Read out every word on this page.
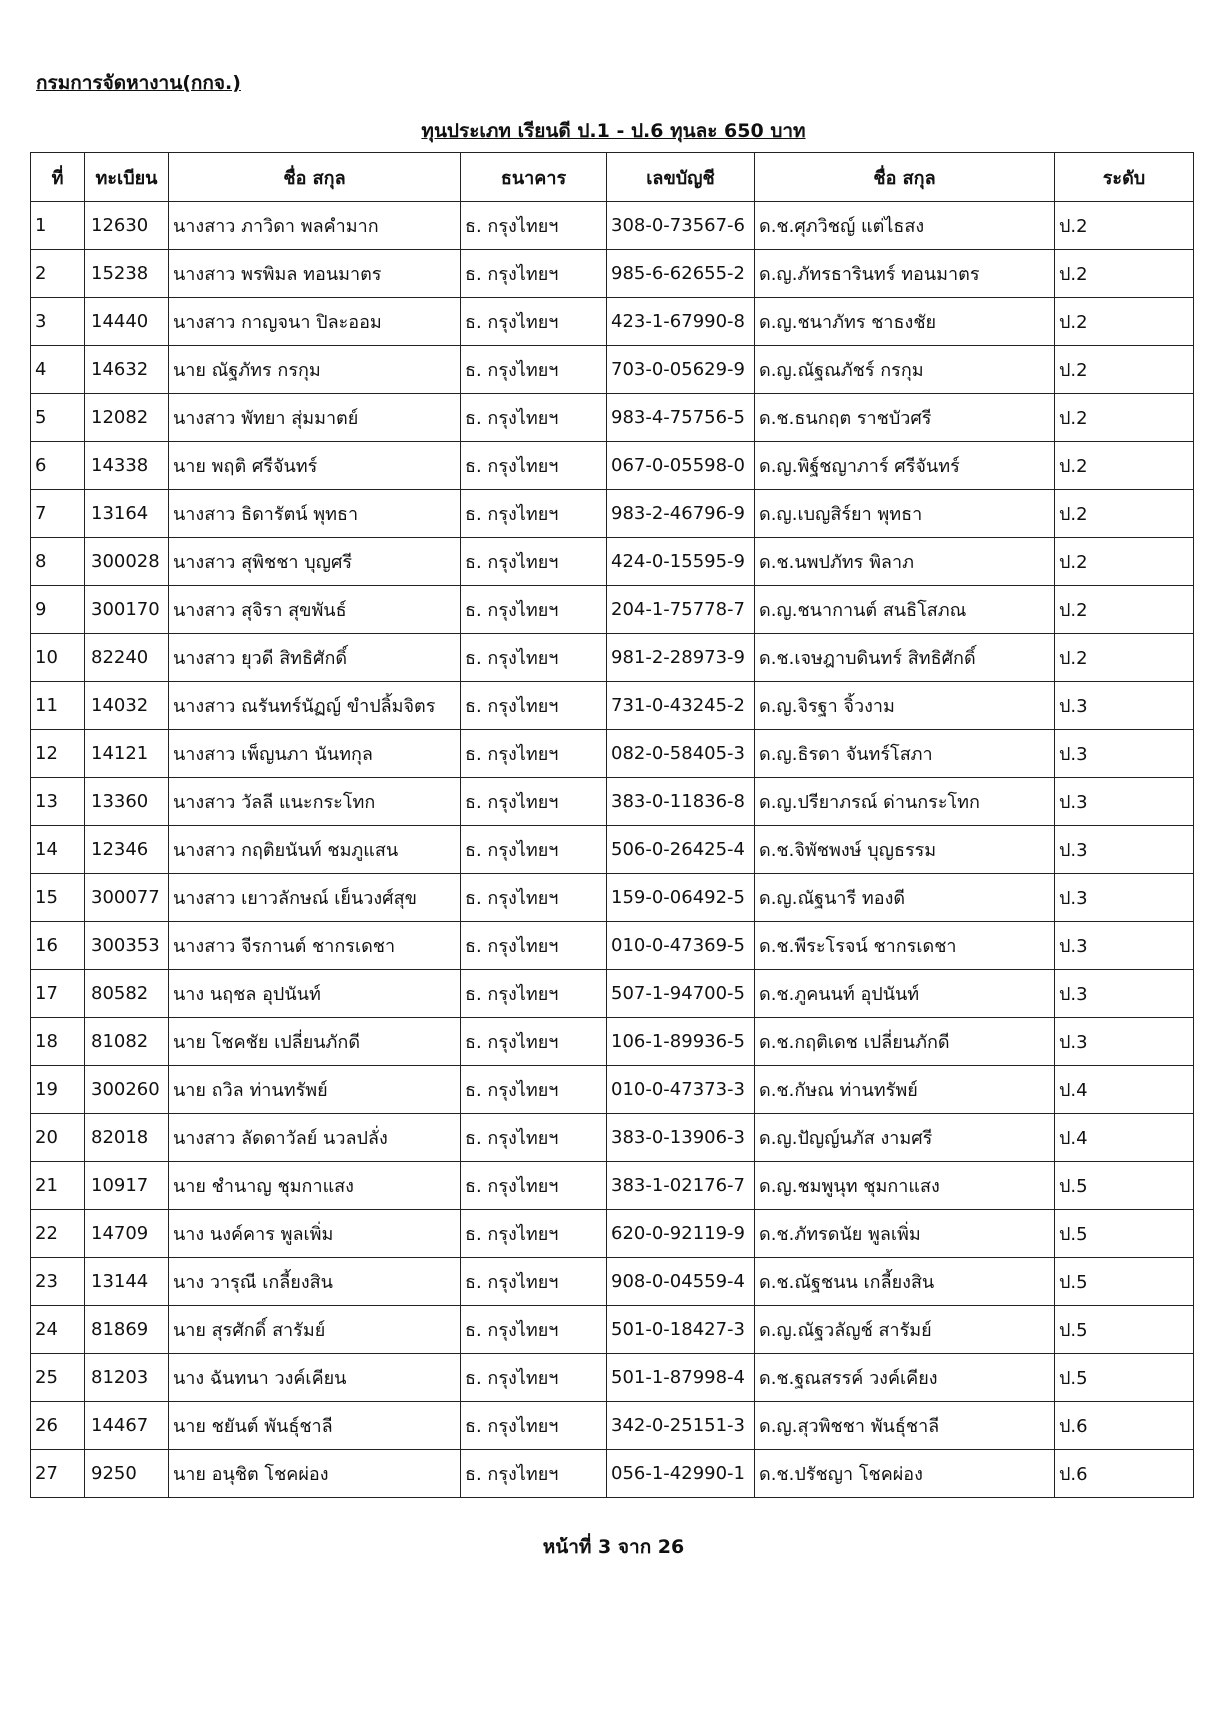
กรมการจัดหางาน(กกจ.)
ทุนประเภท เรียนดี ป.1 - ป.6 ทุนละ 650 บาท
ที่	ทะเบียน	ชื่อ สกุล	ธนาคาร	เลขบัญชี	ชื่อ สกุล	ระดับ
1	12630	นางสาว ภาวิดา พลคำมาก	ธ. กรุงไทยฯ	308-0-73567-6	ด.ช.ศุภวิชญ์ แต่ไธสง	ป.2
2	15238	นางสาว พรพิมล ทอนมาตร	ธ. กรุงไทยฯ	985-6-62655-2	ด.ญ.ภัทรธารินทร์ ทอนมาตร	ป.2
3	14440	นางสาว กาญจนา ปิละออม	ธ. กรุงไทยฯ	423-1-67990-8	ด.ญ.ชนาภัทร ชาธงชัย	ป.2
4	14632	นาย ณัฐภัทร กรกุม	ธ. กรุงไทยฯ	703-0-05629-9	ด.ญ.ณัฐณภัชร์ กรกุม	ป.2
5	12082	นางสาว พัทยา สุ่มมาตย์	ธ. กรุงไทยฯ	983-4-75756-5	ด.ช.ธนกฤต ราชบัวศรี	ป.2
6	14338	นาย พฤติ ศรีจันทร์	ธ. กรุงไทยฯ	067-0-05598-0	ด.ญ.พิฐ์ชญาภาร์ ศรีจันทร์	ป.2
7	13164	นางสาว ธิดารัตน์ พุทธา	ธ. กรุงไทยฯ	983-2-46796-9	ด.ญ.เบญสิร์ยา พุทธา	ป.2
8	300028	นางสาว สุพิชชา บุญศรี	ธ. กรุงไทยฯ	424-0-15595-9	ด.ช.นพปภัทร พิลาภ	ป.2
9	300170	นางสาว สุจิรา สุขพันธ์	ธ. กรุงไทยฯ	204-1-75778-7	ด.ญ.ชนากานต์ สนธิโสภณ	ป.2
10	82240	นางสาว ยุวดี สิทธิศักดิ์	ธ. กรุงไทยฯ	981-2-28973-9	ด.ช.เจษฎาบดินทร์ สิทธิศักดิ์	ป.2
11	14032	นางสาว ณรันทร์นัฏญ์ ขำปลิ้มจิตร	ธ. กรุงไทยฯ	731-0-43245-2	ด.ญ.จิรฐา จิ้วงาม	ป.3
12	14121	นางสาว เพ็ญนภา นันทกุล	ธ. กรุงไทยฯ	082-0-58405-3	ด.ญ.ธิรดา จันทร์โสภา	ป.3
13	13360	นางสาว วัลลี แนะกระโทก	ธ. กรุงไทยฯ	383-0-11836-8	ด.ญ.ปรียาภรณ์ ด่านกระโทก	ป.3
14	12346	นางสาว กฤติยนันท์ ชมภูแสน	ธ. กรุงไทยฯ	506-0-26425-4	ด.ช.จิพัชพงษ์ บุญธรรม	ป.3
15	300077	นางสาว เยาวลักษณ์ เย็นวงศ์สุข	ธ. กรุงไทยฯ	159-0-06492-5	ด.ญ.ณัฐนารี ทองดี	ป.3
16	300353	นางสาว จีรกานต์ ชากรเดชา	ธ. กรุงไทยฯ	010-0-47369-5	ด.ช.พีระโรจน์ ชากรเดชา	ป.3
17	80582	นาง นฤชล อุปนันท์	ธ. กรุงไทยฯ	507-1-94700-5	ด.ช.ภูคนนท์ อุปนันท์	ป.3
18	81082	นาย โชคชัย เปลี่ยนภักดี	ธ. กรุงไทยฯ	106-1-89936-5	ด.ช.กฤติเดช เปลี่ยนภักดี	ป.3
19	300260	นาย ถวิล ท่านทรัพย์	ธ. กรุงไทยฯ	010-0-47373-3	ด.ช.กัษณ ท่านทรัพย์	ป.4
20	82018	นางสาว ลัดดาวัลย์ นวลปลั่ง	ธ. กรุงไทยฯ	383-0-13906-3	ด.ญ.ปัญญ์นภัส งามศรี	ป.4
21	10917	นาย ชำนาญ ชุมกาแสง	ธ. กรุงไทยฯ	383-1-02176-7	ด.ญ.ชมพูนุท ชุมกาแสง	ป.5
22	14709	นาง นงค์คาร พูลเพิ่ม	ธ. กรุงไทยฯ	620-0-92119-9	ด.ช.ภัทรดนัย พูลเพิ่ม	ป.5
23	13144	นาง วารุณี เกลี้ยงสิน	ธ. กรุงไทยฯ	908-0-04559-4	ด.ช.ณัฐชนน เกลี้ยงสิน	ป.5
24	81869	นาย สุรศักดิ์ สารัมย์	ธ. กรุงไทยฯ	501-0-18427-3	ด.ญ.ณัฐวลัญช์ สารัมย์	ป.5
25	81203	นาง ฉันทนา วงค์เคียน	ธ. กรุงไทยฯ	501-1-87998-4	ด.ช.ฐณสรรค์ วงค์เคียง	ป.5
26	14467	นาย ชยันต์ พันธุ์ชาลี	ธ. กรุงไทยฯ	342-0-25151-3	ด.ญ.สุวพิชชา พันธุ์ชาลี	ป.6
27	9250	นาย อนุชิต โชคผ่อง	ธ. กรุงไทยฯ	056-1-42990-1	ด.ช.ปรัชญา โชคผ่อง	ป.6
หน้าที่ 3 จาก 26
